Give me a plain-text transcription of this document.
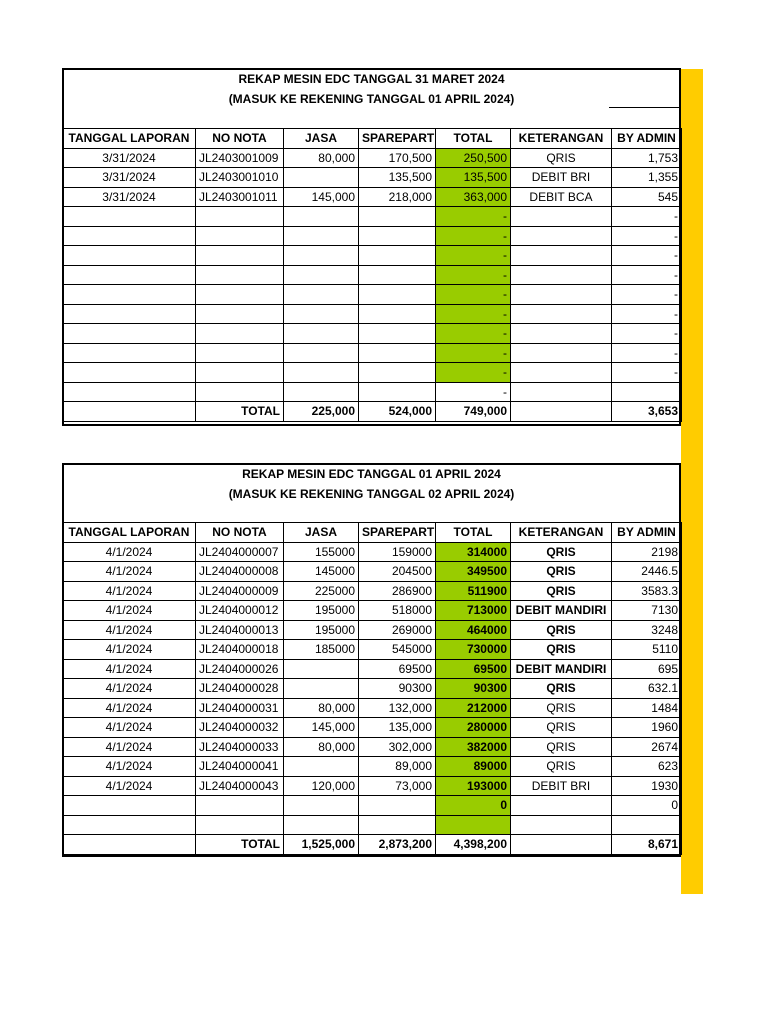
REKAP MESIN EDC TANGGAL 31 MARET 2024
(MASUK KE REKENING TANGGAL 01 APRIL 2024)
TANGGAL LAPORAN	NO NOTA	JASA	SPAREPART	TOTAL	KETERANGAN	BY ADMIN
3/31/2024	JL2403001009	80,000	170,500	250,500	QRIS	1,753
3/31/2024	JL2403001010		135,500	135,500	DEBIT BRI	1,355
3/31/2024	JL2403001011	145,000	218,000	363,000	DEBIT BCA	545
				-		-
				-		-
				-		-
				-		-
				-		-
				-		-
				-		-
				-		-
				-		-
				-		
	TOTAL	225,000	524,000	749,000		3,653
REKAP MESIN EDC TANGGAL 01 APRIL 2024
(MASUK KE REKENING TANGGAL 02 APRIL 2024)
TANGGAL LAPORAN	NO NOTA	JASA	SPAREPART	TOTAL	KETERANGAN	BY ADMIN
4/1/2024	JL2404000007	155000	159000	314000	QRIS	2198
4/1/2024	JL2404000008	145000	204500	349500	QRIS	2446.5
4/1/2024	JL2404000009	225000	286900	511900	QRIS	3583.3
4/1/2024	JL2404000012	195000	518000	713000	DEBIT MANDIRI	7130
4/1/2024	JL2404000013	195000	269000	464000	QRIS	3248
4/1/2024	JL2404000018	185000	545000	730000	QRIS	5110
4/1/2024	JL2404000026		69500	69500	DEBIT MANDIRI	695
4/1/2024	JL2404000028		90300	90300	QRIS	632.1
4/1/2024	JL2404000031	80,000	132,000	212000	QRIS	1484
4/1/2024	JL2404000032	145,000	135,000	280000	QRIS	1960
4/1/2024	JL2404000033	80,000	302,000	382000	QRIS	2674
4/1/2024	JL2404000041		89,000	89000	QRIS	623
4/1/2024	JL2404000043	120,000	73,000	193000	DEBIT BRI	1930
				0		0

	TOTAL	1,525,000	2,873,200	4,398,200		8,671
